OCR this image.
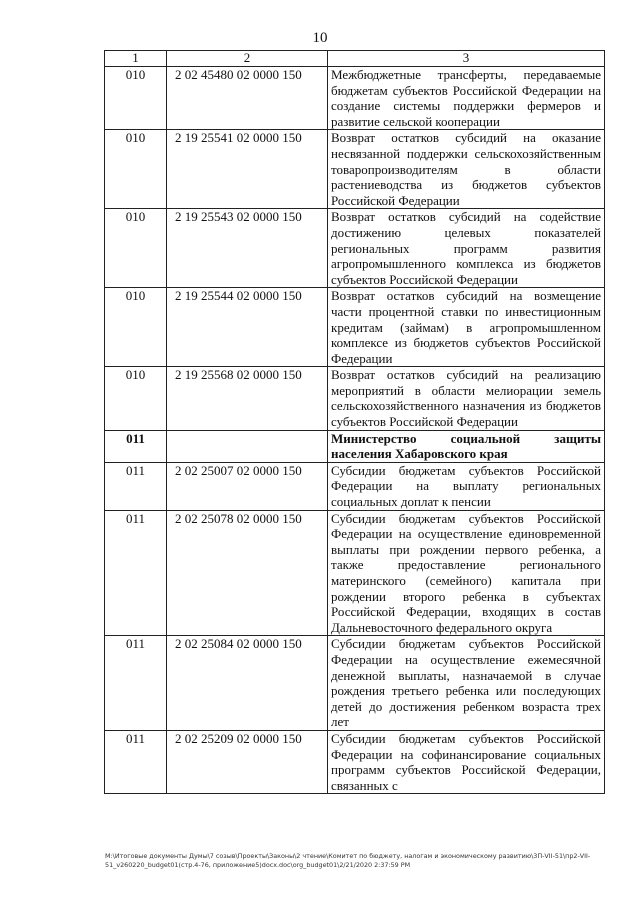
10
1	2	3
010	2 02 45480 02 0000 150	Межбюджетные трансферты, передаваемые бюджетам субъектов Российской Федерации на создание системы поддержки фермеров и развитие сельской кооперации
010	2 19 25541 02 0000 150	Возврат остатков субсидий на оказание несвязанной поддержки сельскохозяйственным товаропроизводителям в области растениеводства из бюджетов субъектов Российской Федерации
010	2 19 25543 02 0000 150	Возврат остатков субсидий на содействие достижению целевых показателей региональных программ развития агропромышленного комплекса из бюджетов субъектов Российской Федерации
010	2 19 25544 02 0000 150	Возврат остатков субсидий на возмещение части процентной ставки по инвестиционным кредитам (займам) в агропромышленном комплексе из бюджетов субъектов Российской Федерации
010	2 19 25568 02 0000 150	Возврат остатков субсидий на реализацию мероприятий в области мелиорации земель сельскохозяйственного назначения из бюджетов субъектов Российской Федерации
011		Министерство социальной защиты населения Хабаровского края
011	2 02 25007 02 0000 150	Субсидии бюджетам субъектов Российской Федерации на выплату региональных социальных доплат к пенсии
011	2 02 25078 02 0000 150	Субсидии бюджетам субъектов Российской Федерации на осуществление единовременной выплаты при рождении первого ребенка, а также предоставление регионального материнского (семейного) капитала при рождении второго ребенка в субъектах Российской Федерации, входящих в состав Дальневосточного федерального округа
011	2 02 25084 02 0000 150	Субсидии бюджетам субъектов Российской Федерации на осуществление ежемесячной денежной выплаты, назначаемой в случае рождения третьего ребенка или последующих детей до достижения ребенком возраста трех лет
011	2 02 25209 02 0000 150	Субсидии бюджетам субъектов Российской Федерации на софинансирование социальных программ субъектов Российской Федерации, связанных с
M:\Итоговые документы Думы\7 созыв\Проекты\Законы\2 чтение\Комитет по бюджету, налогам и экономическому развитию\3П-VII-51\пр2-VII-
51_v260220_budget01(стр.4-76, приложение5)docx.doc\org_budget01\2/21/2020 2:37:59 PM
